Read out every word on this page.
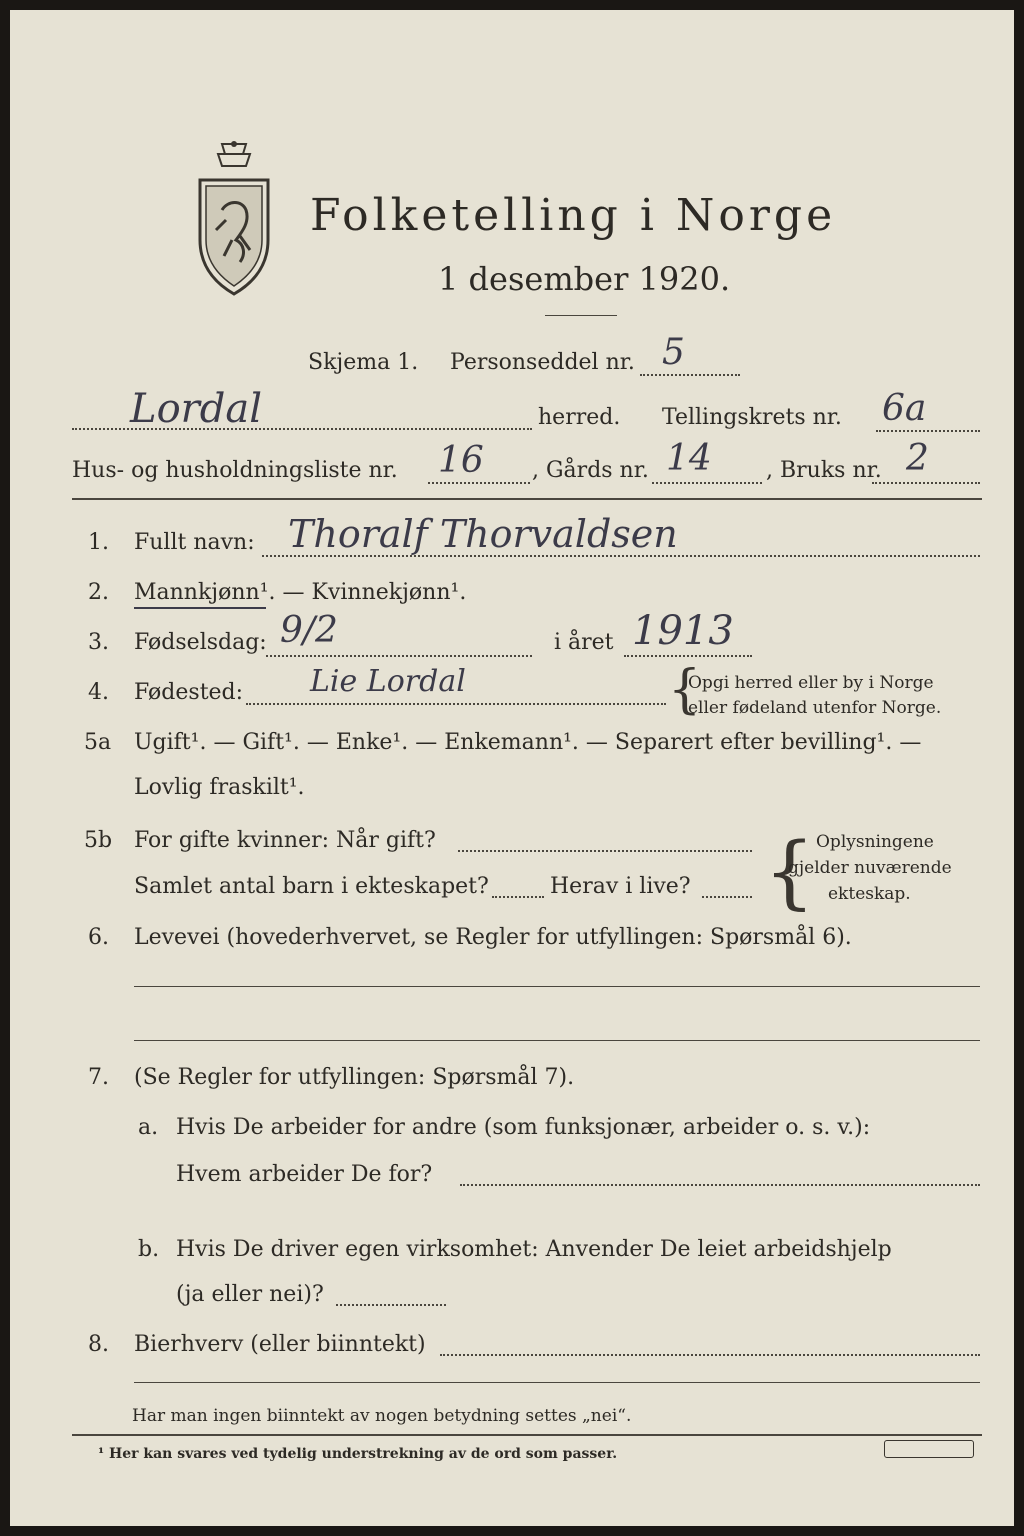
Folketelling i Norge
1 desember 1920.
Skjema 1. Personseddel nr. 5
Lordal	herred. Tellingskrets nr. 6a
Hus- og husholdningsliste nr. 16 , Gårds nr. 14 , Bruks nr. 2
1. Fullt navn: Thoralf Thorvaldsen
2. Mannkjønn¹. — Kvinnekjønn¹.
3. Fødselsdag: 9/2	i året 1913
4. Fødested: Lie Lordal	{
Opgi herred eller by i Norge
eller fødeland utenfor Norge.
5a Ugift¹. — Gift¹. — Enke¹. — Enkemann¹. — Separert efter bevilling¹. —
Lovlig fraskilt¹.
5b For gifte kvinner: Når gift?
Samlet antal barn i ekteskapet?	Herav i live? { Oplysningene
gjelder nuværende
ekteskap.
6. Levevei (hovederhvervet, se Regler for utfyllingen: Spørsmål 6).
7. (Se Regler for utfyllingen: Spørsmål 7).
a. Hvis De arbeider for andre (som funksjonær, arbeider o. s. v.):
Hvem arbeider De for?
b. Hvis De driver egen virksomhet: Anvender De leiet arbeidshjelp
(ja eller nei)?
8. Bierhverv (eller biinntekt)
Har man ingen biinntekt av nogen betydning settes „nei“.
¹ Her kan svares ved tydelig understrekning av de ord som passer.
